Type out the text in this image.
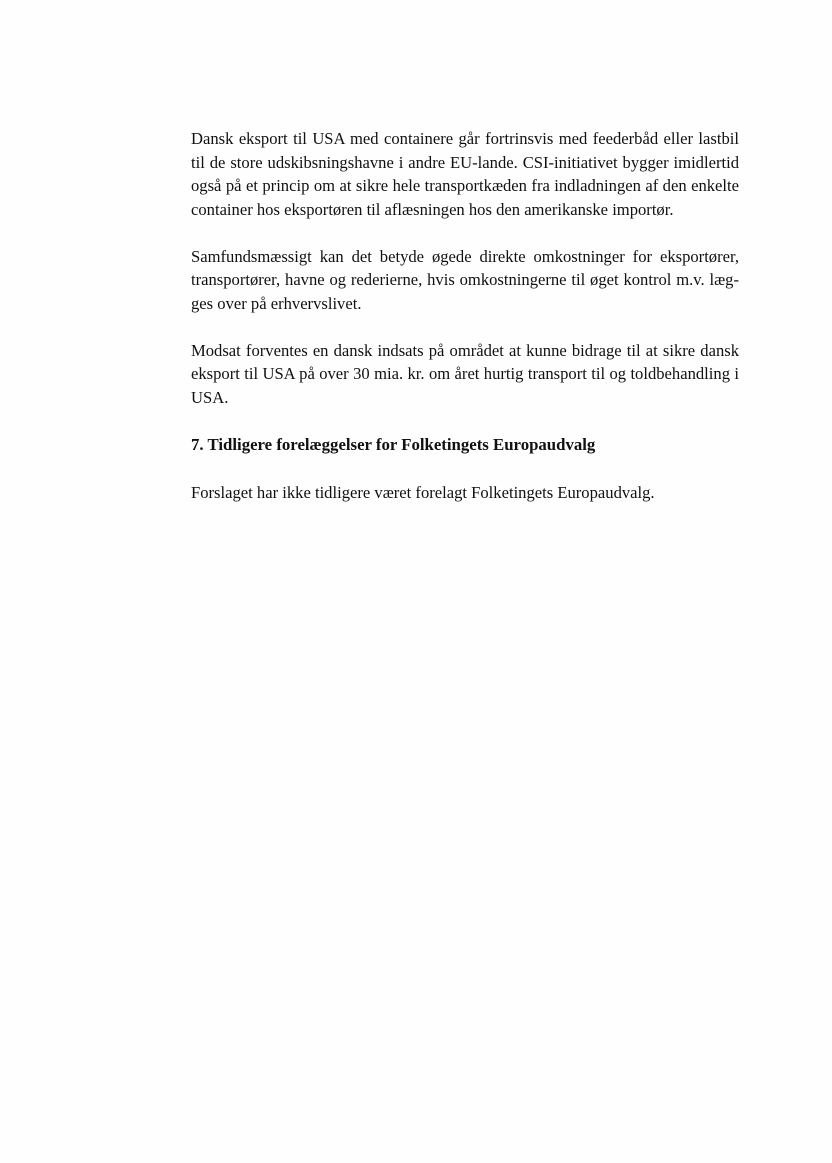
Dansk eksport til USA med containere går fortrinsvis med feederbåd eller lastbil til de store udskibsningshavne i andre EU-lande. CSI-initiativet bygger imidlertid også på et princip om at sikre hele transportkæden fra indladningen af den enkelte container hos eksportøren til aflæsningen hos den amerikanske importør.

Samfundsmæssigt kan det betyde øgede direkte omkostninger for eksportører, transportører, havne og rederierne, hvis omkostningerne til øget kontrol m.v. læg-ges over på erhvervslivet.

Modsat forventes en dansk indsats på området at kunne bidrage til at sikre dansk eksport til USA på over 30 mia. kr. om året hurtig transport til og toldbehandling i USA.

7. Tidligere forelæggelser for Folketingets Europaudvalg

Forslaget har ikke tidligere været forelagt Folketingets Europaudvalg.
